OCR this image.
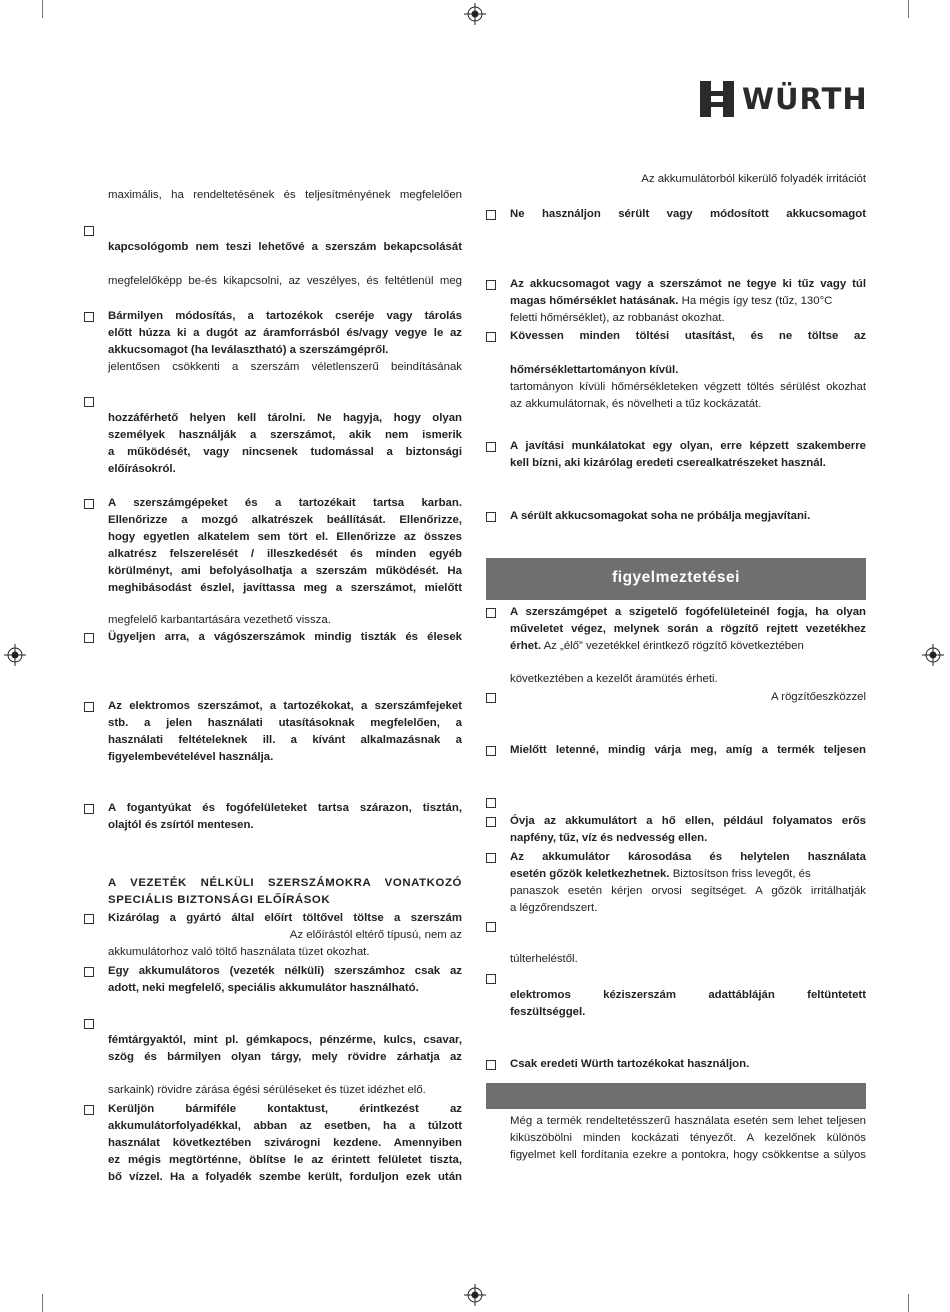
WÜRTH
maximális, ha rendeltetésének és teljesítményének megfelelően
kapcsológomb nem teszi lehetővé a szerszám bekapcsolását
megfelelőképp be-és kikapcsolni, az veszélyes, és feltétlenül meg
Bármilyen módosítás, a tartozékok cseréje vagy tárolás
előtt húzza ki a dugót az áramforrásból és/vagy vegye le az
akkucsomagot (ha leválasztható) a szerszámgépről.
jelentősen csökkenti a szerszám véletlenszerű beindításának
hozzáférhető helyen kell tárolni. Ne hagyja, hogy olyan
személyek használják a szerszámot, akik nem ismerik
a működését, vagy nincsenek tudomással a biztonsági
előírásokról.
A szerszámgépeket és a tartozékait tartsa karban.
Ellenőrizze a mozgó alkatrészek beállítását. Ellenőrizze,
hogy egyetlen alkatelem sem tört el. Ellenőrizze az összes
alkatrész felszerelését / illeszkedését és minden egyéb
körülményt, ami befolyásolhatja a szerszám működését. Ha
meghibásodást észlel, javíttassa meg a szerszámot, mielőtt
megfelelő karbantartására vezethető vissza.
Ügyeljen arra, a vágószerszámok mindig tiszták és élesek
Az elektromos szerszámot, a tartozékokat, a szerszámfejeket
stb. a jelen használati utasításoknak megfelelően, a
használati feltételeknek ill. a kívánt alkalmazásnak a
figyelembevételével használja.
A fogantyúkat és fogófelületeket tartsa szárazon, tisztán,
olajtól és zsírtól mentesen.
A VEZETÉK NÉLKÜLI SZERSZÁMOKRA VONATKOZÓ
SPECIÁLIS BIZTONSÁGI ELŐÍRÁSOK
Kizárólag a gyártó által előírt töltővel töltse a szerszám
Az előírástól eltérő típusú, nem az
akkumulátorhoz való töltő használata tüzet okozhat.
Egy akkumulátoros (vezeték nélküli) szerszámhoz csak az
adott, neki megfelelő, speciális akkumulátor használható.
fémtárgyaktól, mint pl. gémkapocs, pénzérme, kulcs, csavar,
szög és bármilyen olyan tárgy, mely rövidre zárhatja az
sarkaink) rövidre zárása égési sérüléseket és tüzet idézhet elő.
Kerüljön bármiféle kontaktust, érintkezést az
akkumulátorfolyadékkal, abban az esetben, ha a túlzott
használat következtében szivárogni kezdene. Amennyiben
ez mégis megtörténne, öblítse le az érintett felületet tiszta,
bő vízzel. Ha a folyadék szembe került, forduljon ezek után
Az akkumulátorból kikerülő folyadék irritációt
Ne használjon sérült vagy módosított akkucsomagot
Az akkucsomagot vagy a szerszámot ne tegye ki tűz vagy túl
magas hőmérséklet hatásának. Ha mégis így tesz (tűz, 130°C
feletti hőmérséklet), az robbanást okozhat.
Kövessen minden töltési utasítást, és ne töltse az
hőmérséklettartományon kívül.
tartományon kívüli hőmérsékleteken végzett töltés sérülést okozhat
az akkumulátornak, és növelheti a tűz kockázatát.
A javítási munkálatokat egy olyan, erre képzett szakemberre
kell bízni, aki kizárólag eredeti cserealkatrészeket használ.
A sérült akkucsomagokat soha ne próbálja megjavítani.
A szerszámgépet a szigetelő fogófelületeinél fogja, ha olyan
műveletet végez, melynek során a rögzítő rejtett vezetékhez
érhet. Az „élő” vezetékkel érintkező rögzítő következtében
következtében a kezelőt áramütés érheti.
A rögzítőeszközzel
Mielőtt letenné, mindig várja meg, amíg a termék teljesen
Óvja az akkumulátort a hő ellen, például folyamatos erős
napfény, tűz, víz és nedvesség ellen.
Az akkumulátor károsodása és helytelen használata
esetén gőzök keletkezhetnek. Biztosítson friss levegőt, és
panaszok esetén kérjen orvosi segítséget. A gőzök irritálhatják
a légzőrendszert.
túlterheléstől.
elektromos kéziszerszám adattábláján feltüntetett
feszültséggel.
Csak eredeti Würth tartozékokat használjon.
Még a termék rendeltetésszerű használata esetén sem lehet teljesen
kiküszöbölni minden kockázati tényezőt. A kezelőnek különös
figyelmet kell fordítania ezekre a pontokra, hogy csökkentse a súlyos
figyelmeztetései
